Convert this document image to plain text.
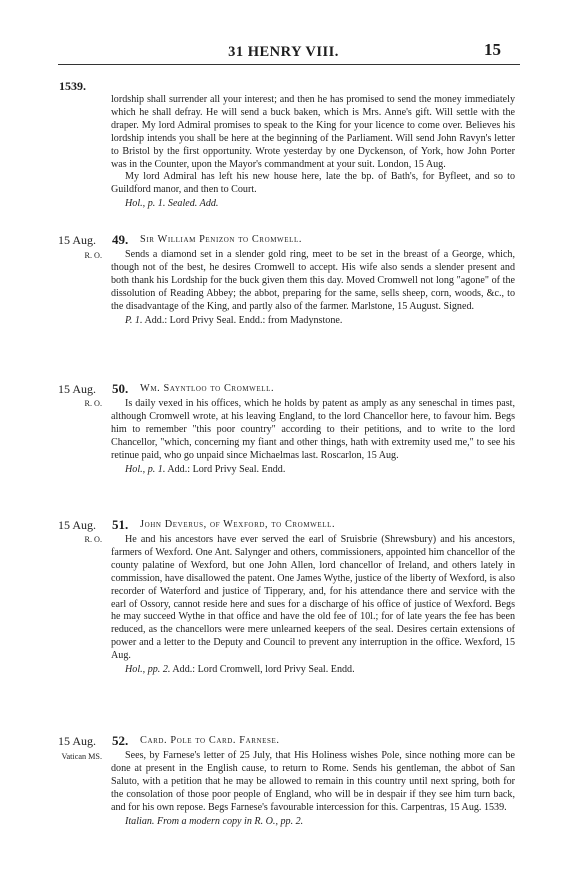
31 HENRY VIII.	15
1539.

lordship shall surrender all your interest; and then he has promised to send the money immediately which he shall defray. He will send a buck baken, which is Mrs. Anne's gift. Will settle with the draper. My lord Admiral promises to speak to the King for your licence to come over. Believes his lordship intends you shall be here at the beginning of the Parliament. Will send John Ravyn's letter to Bristol by the first opportunity. Wrote yesterday by one Dyckenson, of York, how John Porter was in the Counter, upon the Mayor's commandment at your suit. London, 15 Aug.

My lord Admiral has left his new house here, late the bp. of Bath's, for Byfleet, and so to Guildford manor, and then to Court.

Hol., p. 1. Sealed. Add.
15 Aug. 49. Sir William Penizon to Cromwell.
R. O.	Sends a diamond set in a slender gold ring, meet to be set in the breast of a George, which, though not of the best, he desires Cromwell to accept. His wife also sends a slender present and both thank his Lordship for the buck given them this day. Moved Cromwell not long "agone" of the dissolution of Reading Abbey; the abbot, preparing for the same, sells sheep, corn, woods, &c., to the disadvantage of the King, and partly also of the farmer. Marlstone, 15 August. Signed.

P. 1. Add.: Lord Privy Seal. Endd.: from Madynstone.
15 Aug. 50. Wm. Sayntloo to Cromwell.
R. O.	Is daily vexed in his offices, which he holds by patent as amply as any seneschal in times past, although Cromwell wrote, at his leaving England, to the lord Chancellor here, to favour him. Begs him to remember "this poor country" according to their petitions, and to write to the lord Chancellor, "which, concerning my fiant and other things, hath with extremity used me," to see his retinue paid, who go unpaid since Michaelmas last. Roscarlon, 15 Aug.

Hol., p. 1. Add.: Lord Privy Seal. Endd.
15 Aug. 51. John Deverus, of Wexford, to Cromwell.
R. O.	He and his ancestors have ever served the earl of Sruisbrie (Shrewsbury) and his ancestors, farmers of Wexford. One Ant. Salynger and others, commissioners, appointed him chancellor of the county palatine of Wexford, but one John Allen, lord chancellor of Ireland, and others lately in commission, have disallowed the patent. One James Wythe, justice of the liberty of Wexford, is also recorder of Waterford and justice of Tipperary, and, for his attendance there and service with the earl of Ossory, cannot reside here and sues for a discharge of his office of justice of Wexford. Begs he may succeed Wythe in that office and have the old fee of 10l.; for of late years the fee has been reduced, as the chancellors were mere unlearned keepers of the seal. Desires certain extensions of power and a letter to the Deputy and Council to prevent any interruption in the office. Wexford, 15 Aug.

Hol., pp. 2. Add.: Lord Cromwell, lord Privy Seal. Endd.
15 Aug. 52. Card. Pole to Card. Farnese.
Vatican MS.	Sees, by Farnese's letter of 25 July, that His Holiness wishes Pole, since nothing more can be done at present in the English cause, to return to Rome. Sends his gentleman, the abbot of San Saluto, with a petition that he may be allowed to remain in this country until next spring, both for the consolation of those poor people of England, who will be in despair if they see him turn back, and for his own repose. Begs Farnese's favourable intercession for this. Carpentras, 15 Aug. 1539.

Italian. From a modern copy in R. O., pp. 2.
